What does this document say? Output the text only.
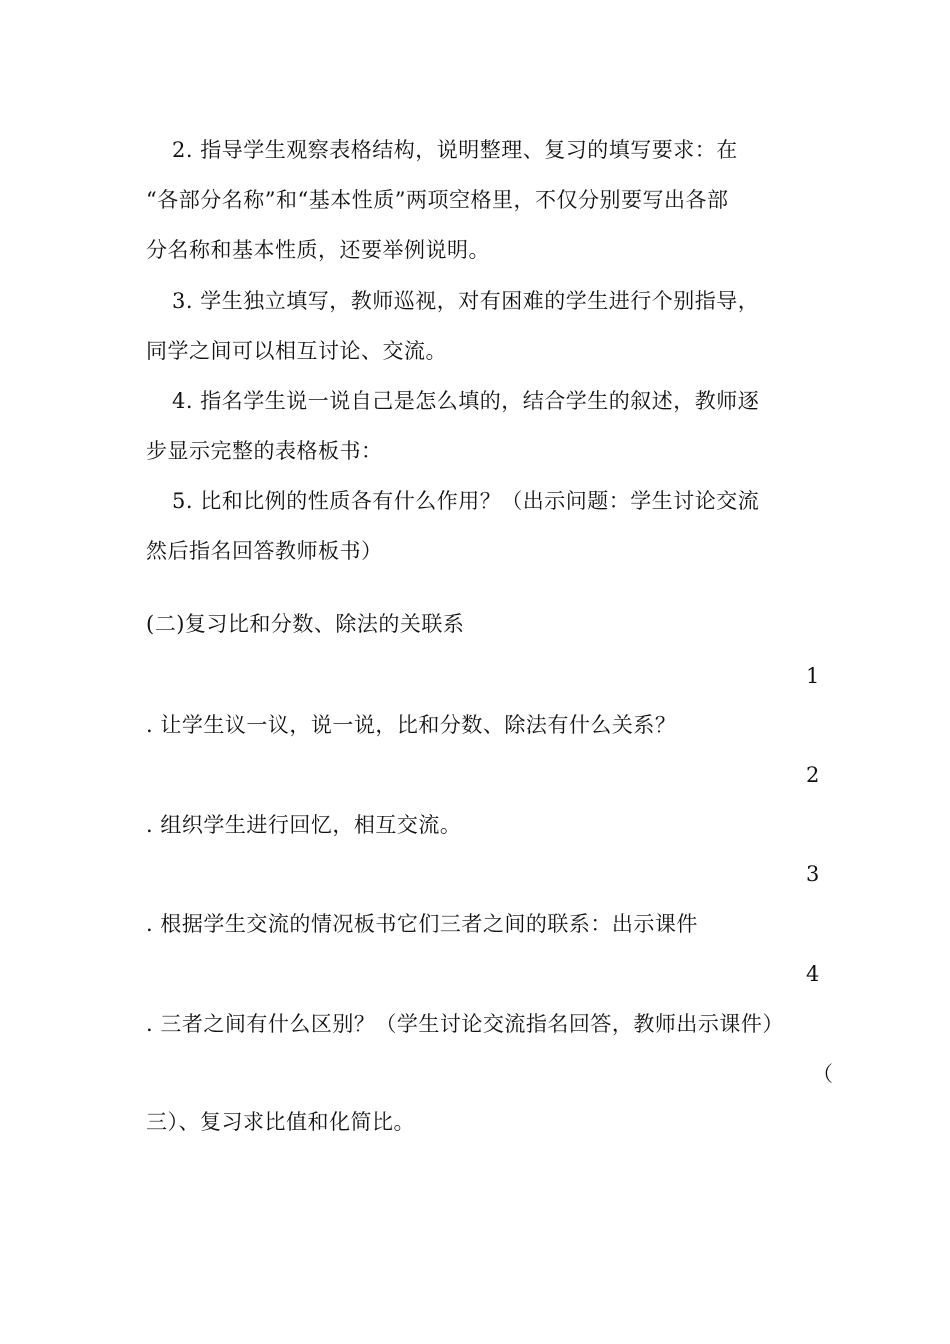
2. 指导学生观察表格结构，说明整理、复习的填写要求：在
“各部分名称”和“基本性质”两项空格里，不仅分别要写出各部
分名称和基本性质，还要举例说明。
3. 学生独立填写，教师巡视，对有困难的学生进行个别指导，
同学之间可以相互讨论、交流。
4. 指名学生说一说自己是怎么填的，结合学生的叙述，教师逐
步显示完整的表格板书：
5. 比和比例的性质各有什么作用？（出示问题：学生讨论交流
然后指名回答教师板书）
(二)复习比和分数、除法的关联系
1
. 让学生议一议，说一说，比和分数、除法有什么关系？
2
. 组织学生进行回忆，相互交流。
3
. 根据学生交流的情况板书它们三者之间的联系：出示课件
4
. 三者之间有什么区别？（学生讨论交流指名回答，教师出示课件）
（
三）、复习求比值和化简比。
